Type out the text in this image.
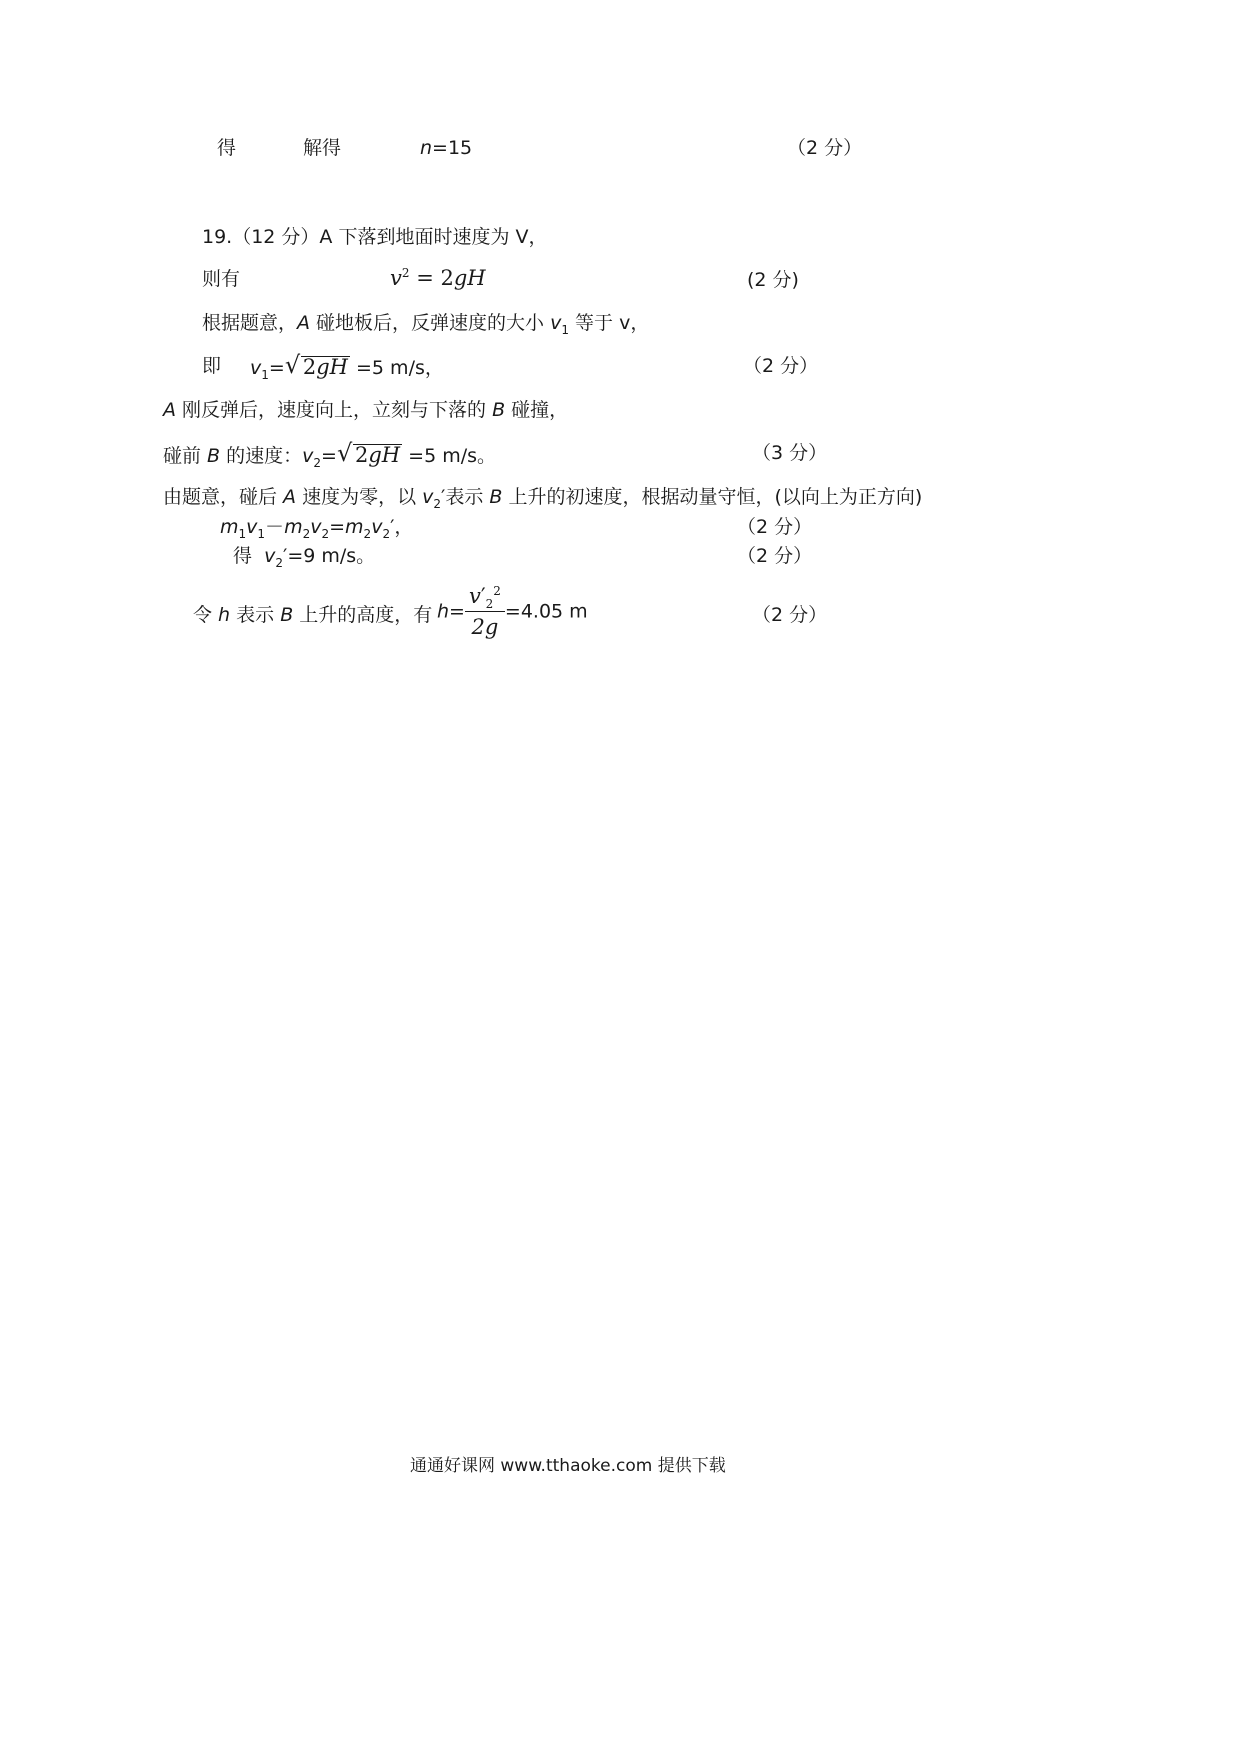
得	解得	n=15	（2 分）
19.（12 分）A 下落到地面时速度为 V，
则有	$v^2 = 2gH$	(2 分)
根据题意，A 碰地板后，反弹速度的大小 $v_1$ 等于 v，
即 $v_1=$ √ 2gH =5 m/s，	（2 分）
A 刚反弹后，速度向上，立刻与下落的 B 碰撞，
碰前 B 的速度：$v_2=$ √ 2gH =5 m/s。	（3 分）
由题意，碰后 A 速度为零，以 $v_2'$表示 B 上升的初速度，根据动量守恒，(以向上为正方向)
$m_1v_1-m_2v_2=m_2v_2'$，	（2 分）
得 $v_2'=9$ m/s。	（2 分）
令 h 表示 B 上升的高度，有 $h= \frac{v'_2^2}{2g} =4.05$ m	（2 分）
通通好课网 www.tthaoke.com 提供下载
